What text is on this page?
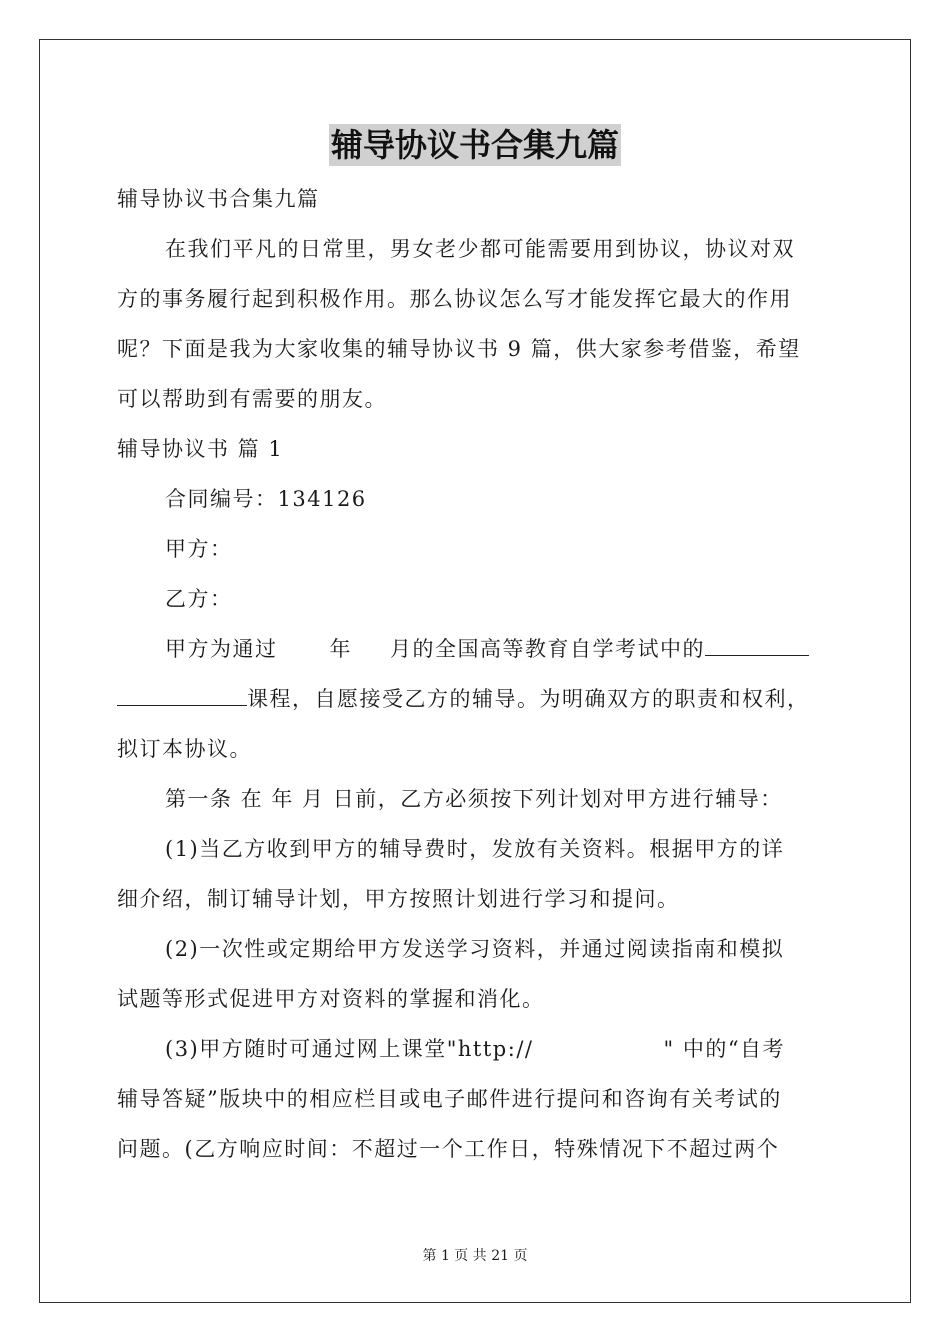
辅导协议书合集九篇
辅导协议书合集九篇
在我们平凡的日常里，男女老少都可能需要用到协议，协议对双
方的事务履行起到积极作用。那么协议怎么写才能发挥它最大的作用
呢？下面是我为大家收集的辅导协议书 9 篇，供大家参考借鉴，希望
可以帮助到有需要的朋友。
辅导协议书 篇 1
合同编号：134126
甲方：
乙方：
甲方为通过 年 月的全国高等教育自学考试中的
课程，自愿接受乙方的辅导。为明确双方的职责和权利，
拟订本协议。
第一条 在 年 月 日前，乙方必须按下列计划对甲方进行辅导：
(1)当乙方收到甲方的辅导费时，发放有关资料。根据甲方的详
细介绍，制订辅导计划，甲方按照计划进行学习和提问。
(2)一次性或定期给甲方发送学习资料，并通过阅读指南和模拟
试题等形式促进甲方对资料的掌握和消化。
(3)甲方随时可通过网上课堂"http://	" 中的“自考
辅导答疑”版块中的相应栏目或电子邮件进行提问和咨询有关考试的
问题。(乙方响应时间：不超过一个工作日，特殊情况下不超过两个
第 1 页 共 21 页
